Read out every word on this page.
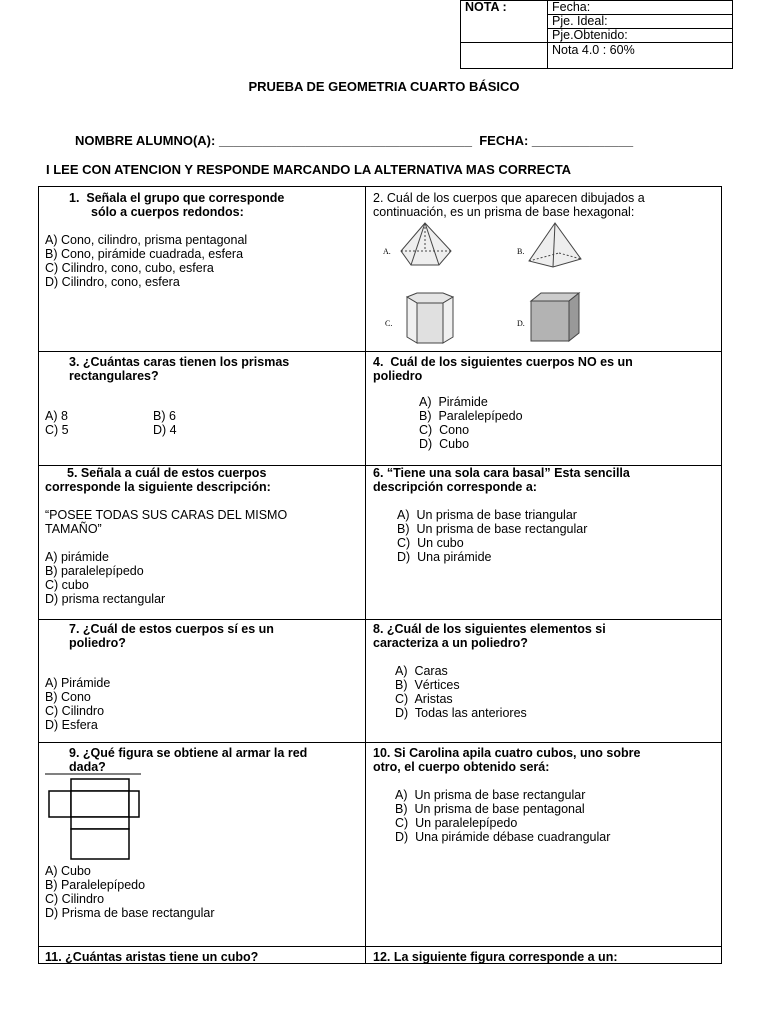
NOTA :	Fecha:
	Pje. Ideal:
	Pje.Obtenido:
	Nota 4.0 : 60%
PRUEBA DE GEOMETRIA CUARTO BÁSICO
NOMBRE ALUMNO(A): ___________________________________  FECHA: ______________
I LEE CON ATENCION Y RESPONDE MARCANDO LA ALTERNATIVA MAS CORRECTA
1.  Señala el grupo que corresponde
sólo a cuerpos redondos:
A) Cono, cilindro, prisma pentagonal
B) Cono, pirámide cuadrada, esfera
C) Cilindro, cono, cubo, esfera
D) Cilindro, cono, esfera
2. Cuál de los cuerpos que aparecen dibujados a
continuación, es un prisma de base hexagonal:
A.	B.
C.	D.
3. ¿Cuántas caras tienen los prismas
rectangulares?
A) 8	B) 6
C) 5	D) 4
4.  Cuál de los siguientes cuerpos NO es un
poliedro
A)  Pirámide
B)  Paralelepípedo
C)  Cono
D)  Cubo
5. Señala a cuál de estos cuerpos
corresponde la siguiente descripción:
“POSEE TODAS SUS CARAS DEL MISMO
TAMAÑO”
A) pirámide
B) paralelepípedo
C) cubo
D) prisma rectangular
6. “Tiene una sola cara basal” Esta sencilla
descripción corresponde a:
A)  Un prisma de base triangular
B)  Un prisma de base rectangular
C)  Un cubo
D)  Una pirámide
7. ¿Cuál de estos cuerpos sí es un
poliedro?
A) Pirámide
B) Cono
C) Cilindro
D) Esfera
8. ¿Cuál de los siguientes elementos si
caracteriza a un poliedro?
A)  Caras
B)  Vértices
C)  Aristas
D)  Todas las anteriores
9. ¿Qué figura se obtiene al armar la red
dada?
A) Cubo
B) Paralelepípedo
C) Cilindro
D) Prisma de base rectangular
10. Si Carolina apila cuatro cubos, uno sobre
otro, el cuerpo obtenido será:
A)  Un prisma de base rectangular
B)  Un prisma de base pentagonal
C)  Un paralelepípedo
D)  Una pirámide débase cuadrangular
11. ¿Cuántas aristas tiene un cubo?	12. La siguiente figura corresponde a un:
